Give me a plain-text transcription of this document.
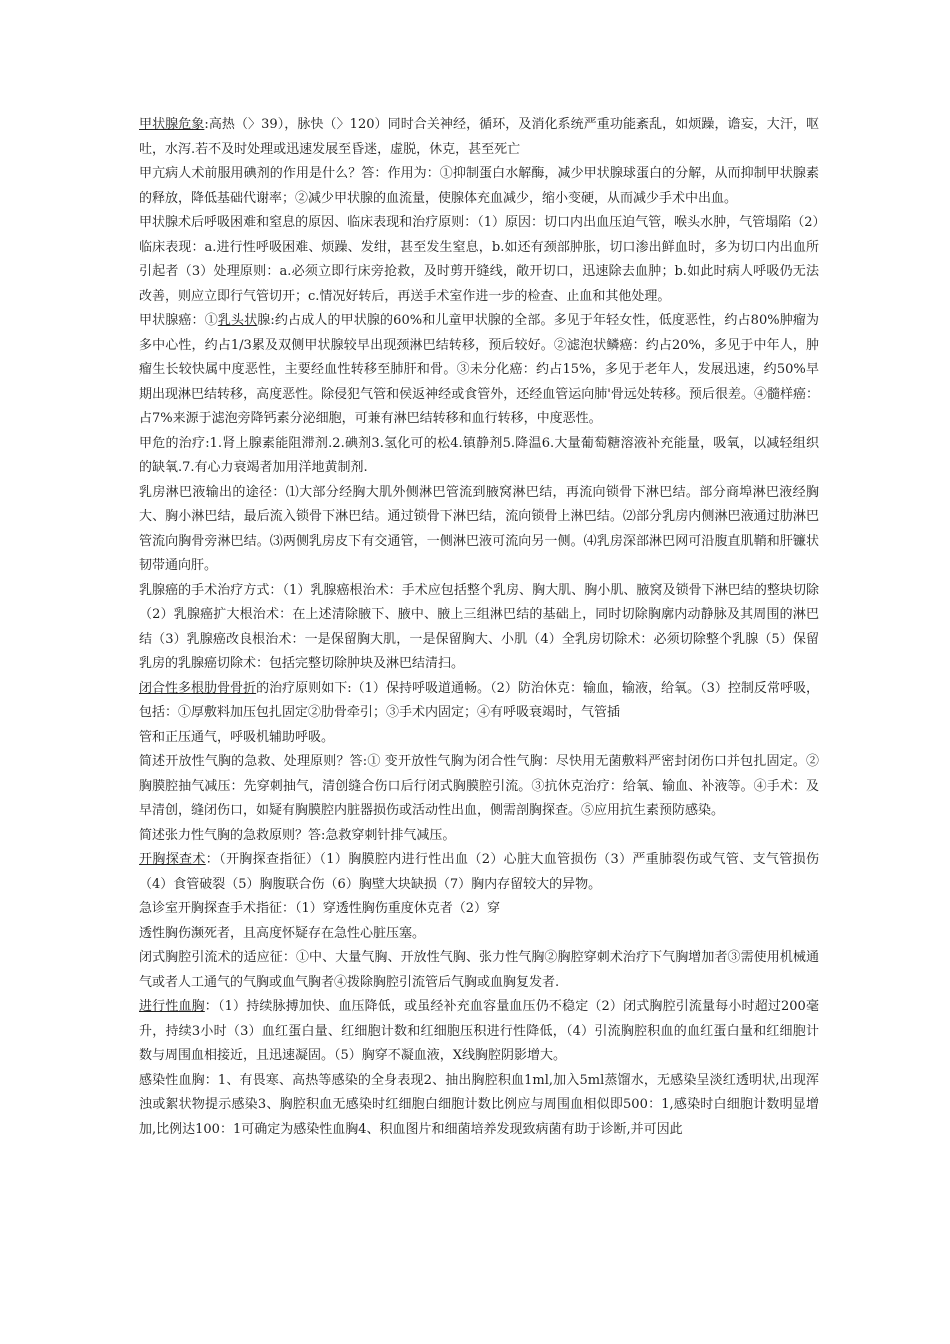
甲状腺危象:高热（〉39），脉快（〉120）同时合关神经，循环，及消化系统严重功能紊乱，如烦躁，谵妄，大汗，呕吐，水泻.若不及时处理或迅速发展至昏迷，虚脱，休克，甚至死亡

甲亢病人术前服用碘剂的作用是什么？答：作用为：①抑制蛋白水解酶，减少甲状腺球蛋白的分解，从而抑制甲状腺素的释放，降低基础代谢率；②减少甲状腺的血流量，使腺体充血减少，缩小变硬，从而减少手术中出血。

甲状腺术后呼吸困难和窒息的原因、临床表现和治疗原则：（1）原因：切口内出血压迫气管，喉头水肿，气管塌陷（2）临床表现：a.进行性呼吸困难、烦躁、发绀，甚至发生窒息，b.如还有颈部肿胀，切口渗出鲜血时，多为切口内出血所引起者（3）处理原则：a.必须立即行床旁抢救，及时剪开缝线，敞开切口，迅速除去血肿；b.如此时病人呼吸仍无法改善，则应立即行气管切开；c.情况好转后，再送手术室作进一步的检查、止血和其他处理。

甲状腺癌：①乳头状腺:约占成人的甲状腺的60%和儿童甲状腺的全部。多见于年轻女性，低度恶性，约占80%肿瘤为多中心性，约占1/3累及双侧甲状腺较早出现颈淋巴结转移，预后较好。②滤泡状鳞癌：约占20%，多见于中年人，肿瘤生长较快属中度恶性，主要经血性转移至肺肝和骨。③未分化癌：约占15%，多见于老年人，发展迅速，约50%早期出现淋巴结转移，高度恶性。除侵犯气管和侯返神经或食管外，还经血管运向肺'骨远处转移。预后很差。④髓样癌：占7%来源于滤泡旁降钙素分泌细胞，可兼有淋巴结转移和血行转移，中度恶性。

甲危的治疗:1.肾上腺素能阻滞剂.2.碘剂3.氢化可的松4.镇静剂5.降温6.大量葡萄糖溶液补充能量，吸氧，以减轻组织的缺氧.7.有心力衰竭者加用洋地黄制剂.

乳房淋巴液输出的途径：⑴大部分经胸大肌外侧淋巴管流到腋窝淋巴结，再流向锁骨下淋巴结。部分商埠淋巴液经胸大、胸小淋巴结，最后流入锁骨下淋巴结。通过锁骨下淋巴结，流向锁骨上淋巴结。⑵部分乳房内侧淋巴液通过肋淋巴管流向胸骨旁淋巴结。⑶两侧乳房皮下有交通管，一侧淋巴液可流向另一侧。⑷乳房深部淋巴网可沿腹直肌鞘和肝镰状韧带通向肝。

乳腺癌的手术治疗方式：（1）乳腺癌根治术：手术应包括整个乳房、胸大肌、胸小肌、腋窝及锁骨下淋巴结的整块切除（2）乳腺癌扩大根治术：在上述清除腋下、腋中、腋上三组淋巴结的基础上，同时切除胸廓内动静脉及其周围的淋巴结（3）乳腺癌改良根治术：一是保留胸大肌，一是保留胸大、小肌（4）全乳房切除术：必须切除整个乳腺（5）保留乳房的乳腺癌切除术：包括完整切除肿块及淋巴结清扫。

闭合性多根肋骨骨折的治疗原则如下:（1）保持呼吸道通畅。（2）防治休克：输血，输液，给氧。（3）控制反常呼吸，包括：①厚敷料加压包扎固定②肋骨牵引；③手术内固定；④有呼吸衰竭时，气管插

管和正压通气，呼吸机辅助呼吸。

简述开放性气胸的急救、处理原则？答:① 变开放性气胸为闭合性气胸：尽快用无菌敷料严密封闭伤口并包扎固定。②胸膜腔抽气减压：先穿刺抽气，清创缝合伤口后行闭式胸膜腔引流。③抗休克治疗：给氧、输血、补液等。④手术：及早清创，缝闭伤口，如疑有胸膜腔内脏器损伤或活动性出血，侧需剖胸探查。⑤应用抗生素预防感染。

简述张力性气胸的急救原则？答:急救穿刺针排气减压。

开胸探查术：（开胸探查指征）（1）胸膜腔内进行性出血（2）心脏大血管损伤（3）严重肺裂伤或气管、支气管损伤（4）食管破裂（5）胸腹联合伤（6）胸壁大块缺损（7）胸内存留较大的异物。

急诊室开胸探查手术指征：（1）穿透性胸伤重度休克者（2）穿

透性胸伤濒死者，且高度怀疑存在急性心脏压塞。

闭式胸腔引流术的适应征：①中、大量气胸、开放性气胸、张力性气胸②胸腔穿刺术治疗下气胸增加者③需使用机械通气或者人工通气的气胸或血气胸者④拨除胸腔引流管后气胸或血胸复发者.

进行性血胸：（1）持续脉搏加快、血压降低，或虽经补充血容量血压仍不稳定（2）闭式胸腔引流量每小时超过200毫升，持续3小时（3）血红蛋白量、红细胞计数和红细胞压积进行性降低，（4）引流胸腔积血的血红蛋白量和红细胞计数与周围血相接近，且迅速凝固。（5）胸穿不凝血液，X线胸腔阴影增大。

感染性血胸：1、有畏寒、高热等感染的全身表现2、抽出胸腔积血1ml,加入5ml蒸馏水，无感染呈淡红透明状,出现浑浊或絮状物提示感染3、胸腔积血无感染时红细胞白细胞计数比例应与周围血相似即500：1,感染时白细胞计数明显增加,比例达100：1可确定为感染性血胸4、积血图片和细菌培养发现致病菌有助于诊断,并可因此
